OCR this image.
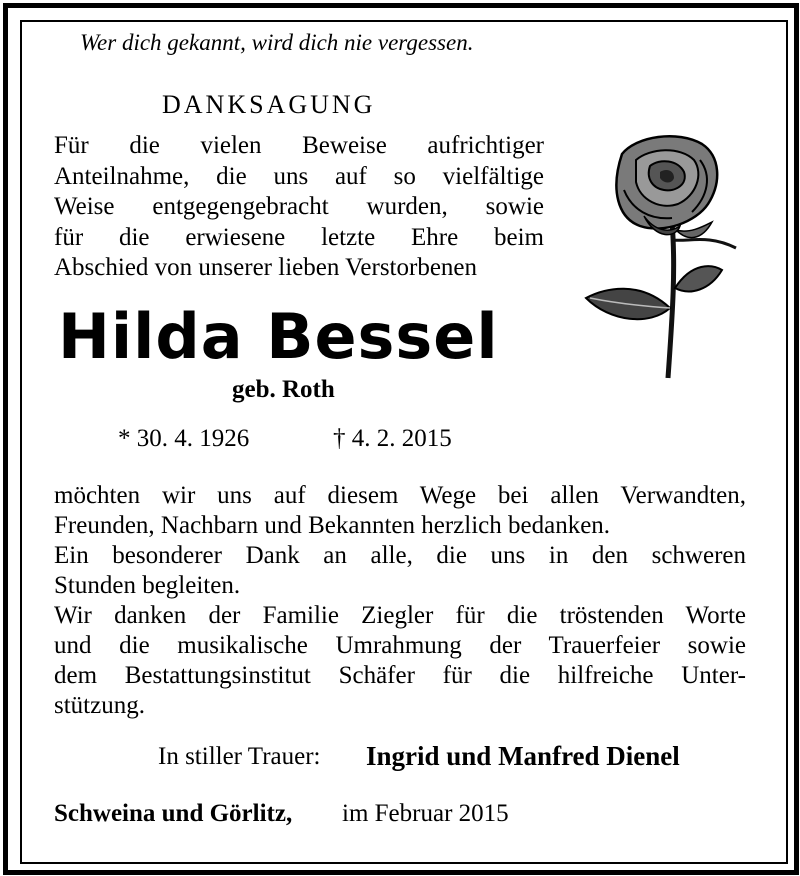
Wer dich gekannt, wird dich nie vergessen.
DANKSAGUNG
Für die vielen Beweise aufrichtiger
Anteilnahme, die uns auf so vielfältige
Weise entgegengebracht wurden, sowie
für die erwiesene letzte Ehre beim
Abschied von unserer lieben Verstorbenen
Hilda Bessel
geb. Roth
* 30. 4. 1926	† 4. 2. 2015
möchten wir uns auf diesem Wege bei allen Verwandten,
Freunden, Nachbarn und Bekannten herzlich bedanken.
Ein besonderer Dank an alle, die uns in den schweren
Stunden begleiten.
Wir danken der Familie Ziegler für die tröstenden Worte
und die musikalische Umrahmung der Trauerfeier sowie
dem Bestattungsinstitut Schäfer für die hilfreiche Unter-
stützung.
In stiller Trauer: Ingrid und Manfred Dienel
Schweina und Görlitz, im Februar 2015
